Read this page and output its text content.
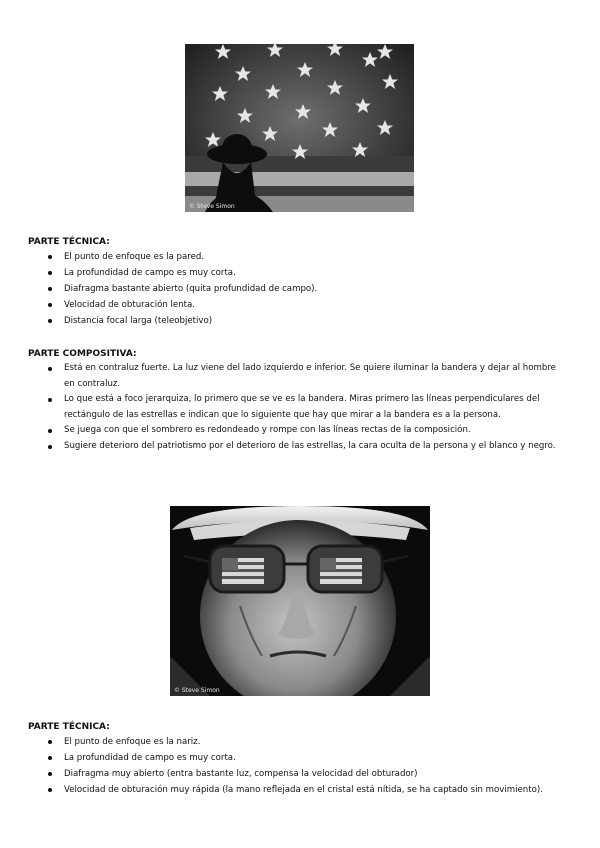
© Steve Simon

PARTE TÉCNICA:

El punto de enfoque es la pared.
La profundidad de campo es muy corta.
Diafragma bastante abierto (quita profundidad de campo).
Velocidad de obturación lenta.
Distancia focal larga (teleobjetivo)

PARTE COMPOSITIVA:

Está en contraluz fuerte. La luz viene del lado izquierdo e inferior. Se quiere iluminar la bandera y dejar al hombre en contraluz.
Lo que está a foco jerarquiza, lo primero que se ve es la bandera. Miras primero las líneas perpendiculares del rectángulo de las estrellas e indican que lo siguiente que hay que mirar a la bandera es a la persona.
Se juega con que el sombrero es redondeado y rompe con las líneas rectas de la composición.
Sugiere deterioro del patriotismo por el deterioro de las estrellas, la cara oculta de la persona y el blanco y negro.
© Steve Simon

PARTE TÉCNICA:

El punto de enfoque es la nariz.
La profundidad de campo es muy corta.
Diafragma muy abierto (entra bastante luz, compensa la velocidad del obturador)
Velocidad de obturación muy rápida (la mano reflejada en el cristal está nítida, se ha captado sin movimiento).
